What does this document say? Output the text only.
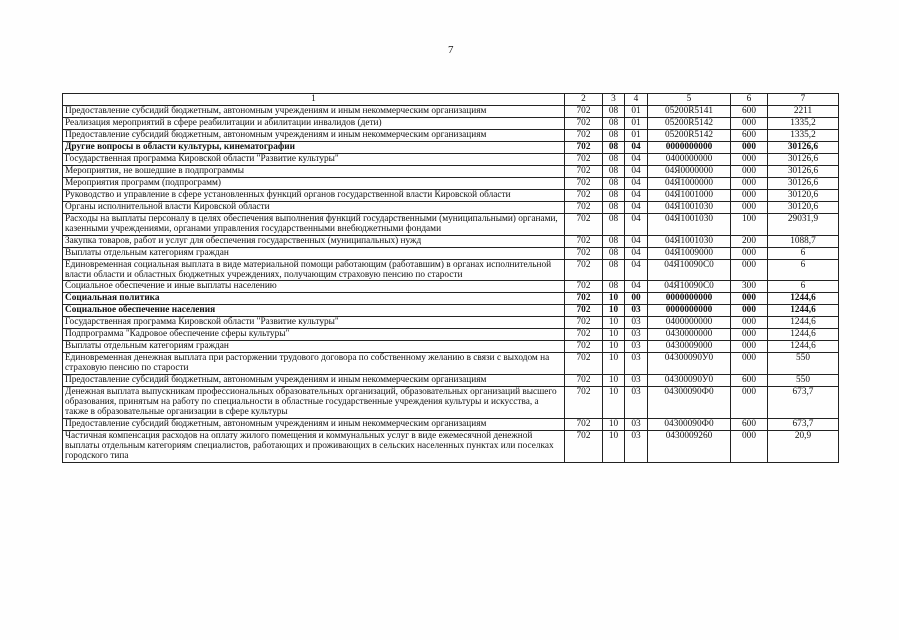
7
1	2	3	4	5	6	7
Предоставление субсидий бюджетным, автономным учреждениям и иным некоммерческим организациям	702	08	01	05200R5141	600	2211
Реализация мероприятий в сфере реабилитации и абилитации инвалидов (дети)	702	08	01	05200R5142	000	1335,2
Предоставление субсидий бюджетным, автономным учреждениям и иным некоммерческим организациям	702	08	01	05200R5142	600	1335,2
Другие вопросы в области культуры, кинематографии	702	08	04	0000000000	000	30126,6
Государственная программа Кировской области "Развитие культуры"	702	08	04	0400000000	000	30126,6
Мероприятия, не вошедшие в подпрограммы	702	08	04	04Я0000000	000	30126,6
Мероприятия программ (подпрограмм)	702	08	04	04Я1000000	000	30126,6
Руководство и управление в сфере установленных функций органов государственной власти Кировской области	702	08	04	04Я1001000	000	30120,6
Органы исполнительной власти Кировской области	702	08	04	04Я1001030	000	30120,6
Расходы на выплаты персоналу в целях обеспечения выполнения функций государственными (муниципальными) органами, казенными учреждениями, органами управления государственными внебюджетными фондами	702	08	04	04Я1001030	100	29031,9
Закупка товаров, работ и услуг для обеспечения государственных (муниципальных) нужд	702	08	04	04Я1001030	200	1088,7
Выплаты отдельным категориям граждан	702	08	04	04Я1009000	000	6
Единовременная социальная выплата в виде материальной помощи работающим (работавшим) в органах исполнительной власти области и областных бюджетных учреждениях, получающим страховую пенсию по старости	702	08	04	04Я10090С0	000	6
Социальное обеспечение и иные выплаты населению	702	08	04	04Я10090С0	300	6
Социальная политика	702	10	00	0000000000	000	1244,6
Социальное обеспечение населения	702	10	03	0000000000	000	1244,6
Государственная программа Кировской области "Развитие культуры"	702	10	03	0400000000	000	1244,6
Подпрограмма "Кадровое обеспечение сферы культуры"	702	10	03	0430000000	000	1244,6
Выплаты отдельным категориям граждан	702	10	03	0430009000	000	1244,6
Единовременная денежная выплата при расторжении трудового договора по собственному желанию в связи с выходом на страховую пенсию по старости	702	10	03	04300090У0	000	550
Предоставление субсидий бюджетным, автономным учреждениям и иным некоммерческим организациям	702	10	03	04300090У0	600	550
Денежная выплата выпускникам профессиональных образовательных организаций, образовательных организаций высшего образования, принятым на работу по специальности в областные государственные учреждения культуры и искусства, а также в образовательные организации в сфере культуры	702	10	03	04300090Ф0	000	673,7
Предоставление субсидий бюджетным, автономным учреждениям и иным некоммерческим организациям	702	10	03	04300090Ф0	600	673,7
Частичная компенсация расходов на оплату жилого помещения и коммунальных услуг в виде ежемесячной денежной выплаты отдельным категориям специалистов, работающих и проживающих в сельских населенных пунктах или поселках городского типа	702	10	03	0430009260	000	20,9
